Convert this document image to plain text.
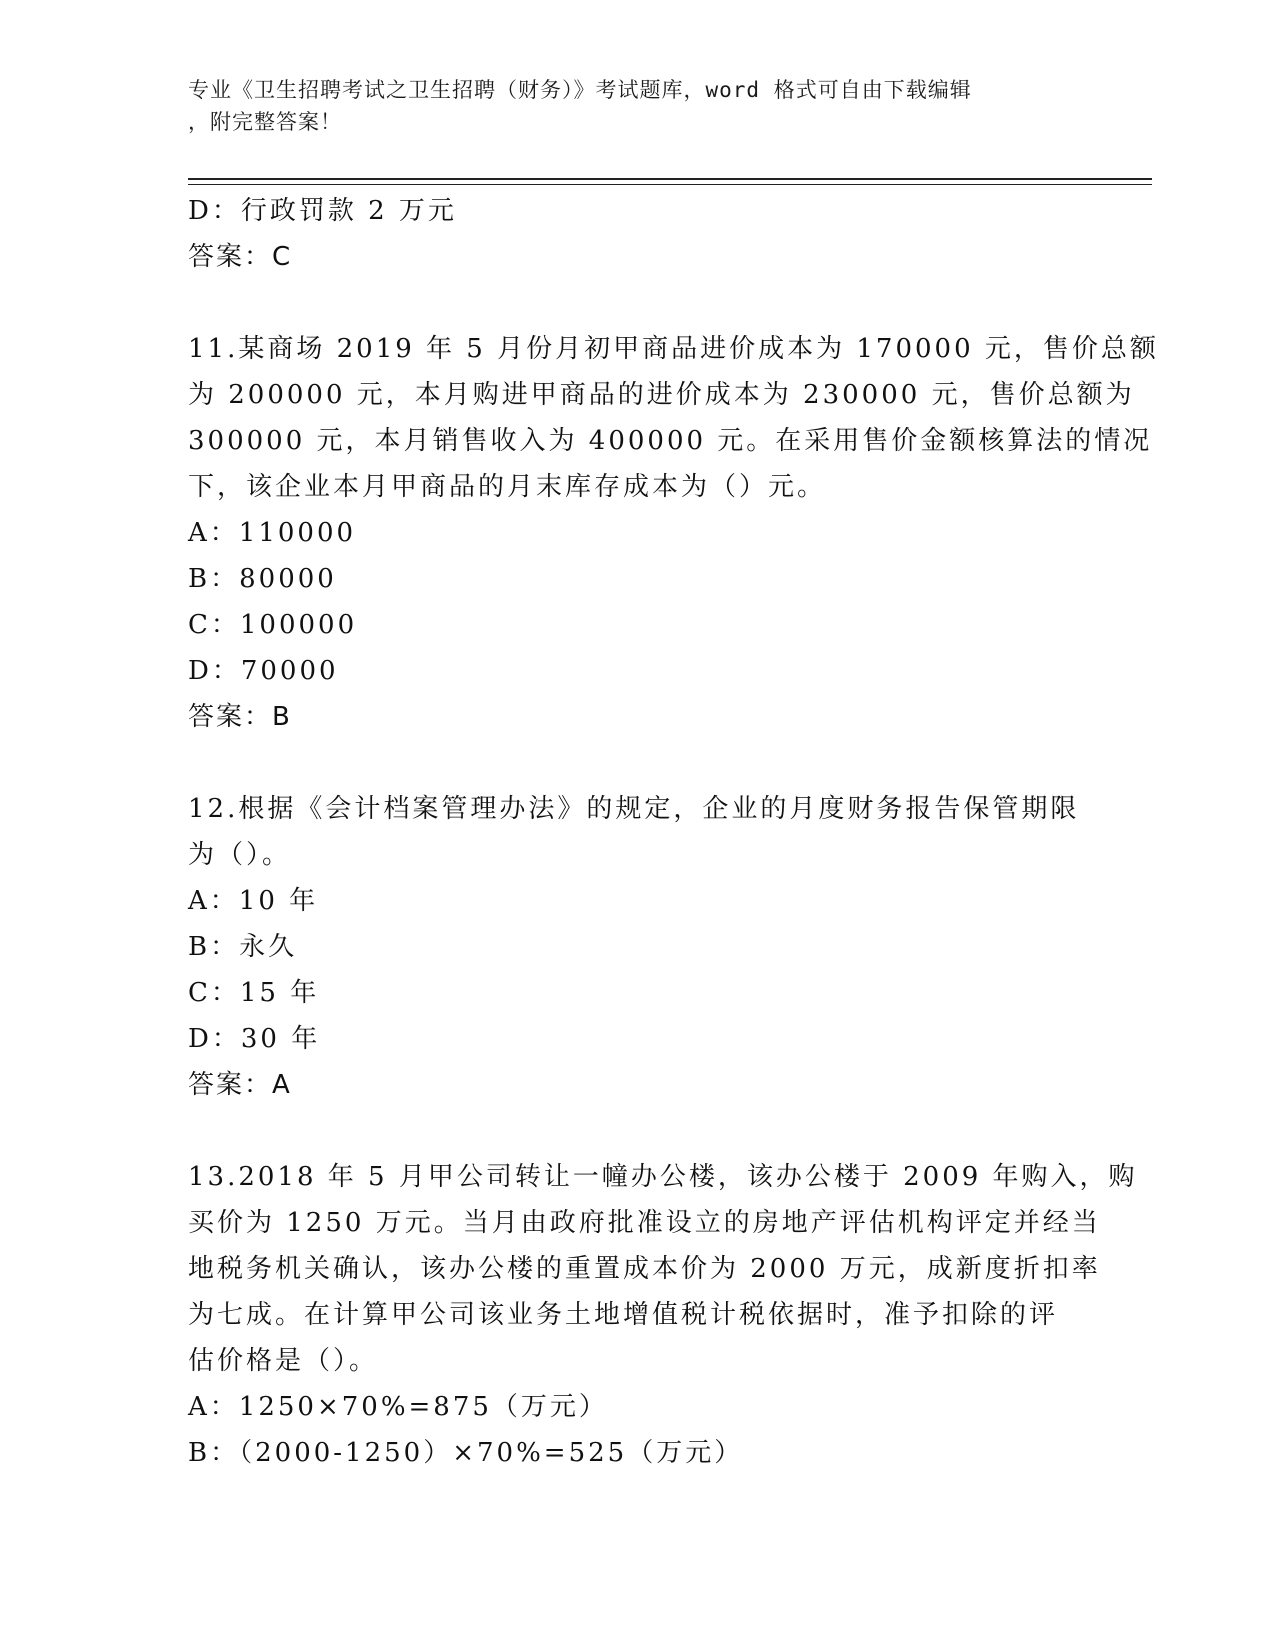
专业《卫生招聘考试之卫生招聘（财务）》考试题库，word 格式可自由下载编辑

，附完整答案！

D：行政罚款 2 万元

答案：C

11.某商场 2019 年 5 月份月初甲商品进价成本为 170000 元，售价总额

为 200000 元，本月购进甲商品的进价成本为 230000 元，售价总额为

300000 元，本月销售收入为 400000 元。在采用售价金额核算法的情况

下，该企业本月甲商品的月末库存成本为（）元。

A：110000

B：80000

C：100000

D：70000

答案：B

12.根据《会计档案管理办法》的规定，企业的月度财务报告保管期限

为（）。

A：10 年

B：永久

C：15 年

D：30 年

答案：A

13.2018 年 5 月甲公司转让一幢办公楼，该办公楼于 2009 年购入，购

买价为 1250 万元。当月由政府批准设立的房地产评估机构评定并经当

地税务机关确认，该办公楼的重置成本价为 2000 万元，成新度折扣率

为七成。在计算甲公司该业务土地增值税计税依据时，准予扣除的评

估价格是（）。

A：1250×70%=875（万元）

B：（2000-1250）×70%=525（万元）
